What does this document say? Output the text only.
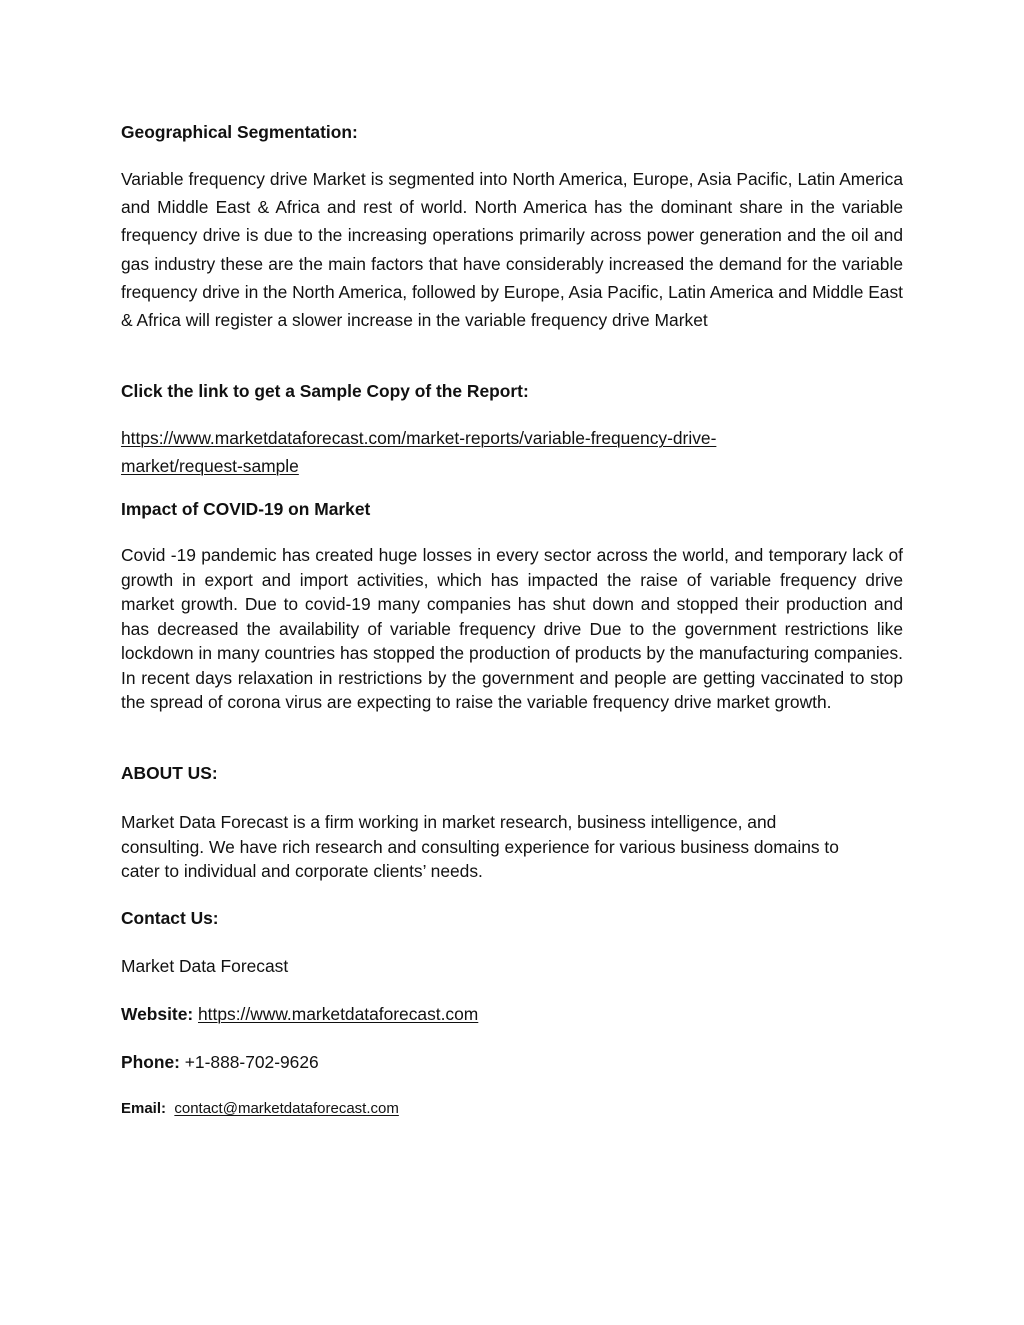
Geographical Segmentation:

Variable frequency drive Market is segmented into North America, Europe, Asia Pacific, Latin America and Middle East & Africa and rest of world. North America has the dominant share in the variable frequency drive is due to the increasing operations primarily across power generation and the oil and gas industry these are the main factors that have considerably increased the demand for the variable frequency drive in the North America, followed by Europe, Asia Pacific, Latin America and Middle East & Africa will register a slower increase in the variable frequency drive Market

Click the link to get a Sample Copy of the Report:

https://www.marketdataforecast.com/market-reports/variable-frequency-drive-
market/request-sample

Impact of COVID-19 on Market

Covid -19 pandemic has created huge losses in every sector across the world, and temporary lack of growth in export and import activities, which has impacted the raise of variable frequency drive market growth. Due to covid-19 many companies has shut down and stopped their production and has decreased the availability of variable frequency drive Due to the government restrictions like lockdown in many countries has stopped the production of products by the manufacturing companies. In recent days relaxation in restrictions by the government and people are getting vaccinated to stop the spread of corona virus are expecting to raise the variable frequency drive market growth.

ABOUT US:

Market Data Forecast is a firm working in market research, business intelligence, and
consulting. We have rich research and consulting experience for various business domains to
cater to individual and corporate clients’ needs.

Contact Us:

Market Data Forecast

Website: https://www.marketdataforecast.com

Phone: +1-888-702-9626

Email: contact@marketdataforecast.com
